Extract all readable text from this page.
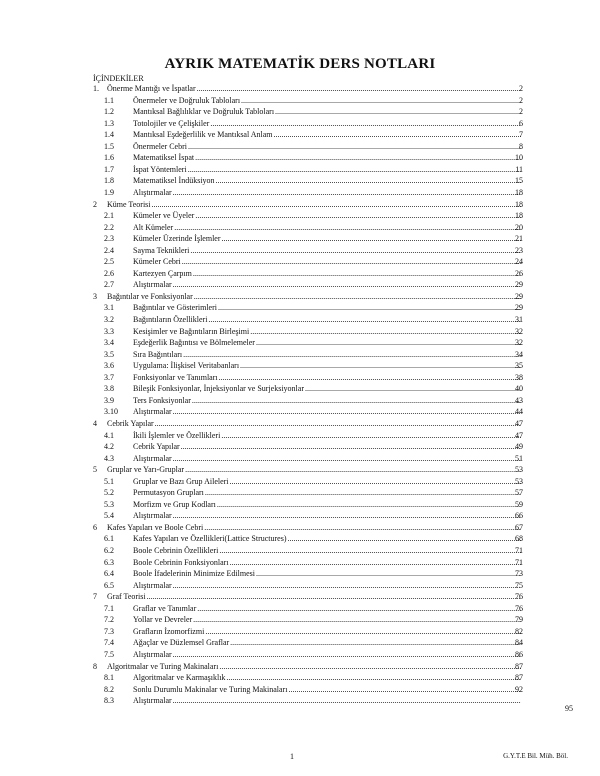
AYRIK MATEMATİK DERS NOTLARI
İÇİNDEKİLER
1. Önerme Mantığı ve İspatlar .....	2
1.1 Önermeler ve Doğruluk Tabloları .....	2
1.2 Mantıksal Bağlılıklar ve Doğruluk Tabloları .....	2
1.3 Totolojiler ve Çelişkiler .....	6
1.4 Mantıksal Eşdeğerlilik ve Mantıksal Anlam .....	7
1.5 Önermeler Cebri .....	8
1.6 Matematiksel İspat .....	10
1.7 İspat Yöntemleri .....	11
1.8 Matematiksel İndüksiyon .....	15
1.9 Alıştırmalar .....	18
2 Küme Teorisi .....	18
2.1 Kümeler ve Üyeler .....	18
2.2 Alt Kümeler .....	20
2.3 Kümeler Üzerinde İşlemler .....	21
2.4 Sayma Teknikleri .....	23
2.5 Kümeler Cebri .....	24
2.6 Kartezyen Çarpım .....	26
2.7 Alıştırmalar .....	29
3 Bağıntılar ve Fonksiyonlar .....	29
3.1 Bağıntılar ve Gösterimleri .....	29
3.2 Bağıntıların Özellikleri .....	31
3.3 Kesişimler ve Bağıntıların Birleşimi .....	32
3.4 Eşdeğerlik Bağıntısı ve Bölmelemeler .....	32
3.5 Sıra Bağıntıları .....	34
3.6 Uygulama: İlişkisel Veritabanları .....	35
3.7 Fonksiyonlar ve Tanımları .....	38
3.8 Bileşik Fonksiyonlar, İnjeksiyonlar ve Surjeksiyonlar .....	40
3.9 Ters Fonksiyonlar .....	43
3.10 Alıştırmalar .....	44
4 Cebrik Yapılar .....	47
4.1 İkili İşlemler ve Özellikleri .....	47
4.2 Cebrik Yapılar .....	49
4.3 Alıştırmalar .....	51
5 Gruplar ve Yarı-Gruplar .....	53
5.1 Gruplar ve Bazı Grup Aileleri .....	53
5.2 Permutasyon Grupları .....	57
5.3 Morfizm ve Grup Kodları .....	59
5.4 Alıştırmalar .....	66
6 Kafes Yapıları ve Boole Cebri .....	67
6.1 Kafes Yapıları ve Özellikleri(Lattice Structures) .....	68
6.2 Boole Cebrinin Özellikleri .....	71
6.3 Boole Cebrinin Fonksiyonları .....	71
6.4 Boole İfadelerinin Minimize Edilmesi .....	73
6.5 Alıştırmalar .....	75
7 Graf Teorisi .....	76
7.1 Graflar ve Tanımlar .....	76
7.2 Yollar ve Devreler .....	79
7.3 Grafların İzomorfizmi .....	82
7.4 Ağaçlar ve Düzlemsel Graflar .....	84
7.5 Alıştırmalar .....	86
8 Algoritmalar ve Turing Makinaları .....	87
8.1 Algoritmalar ve Karmaşıklık .....	87
8.2 Sonlu Durumlu Makinalar ve Turing Makinaları .....	92
8.3 Alıştırmalar
.....
95
1	G.Y.T.E Bil. Müh. Böl.
